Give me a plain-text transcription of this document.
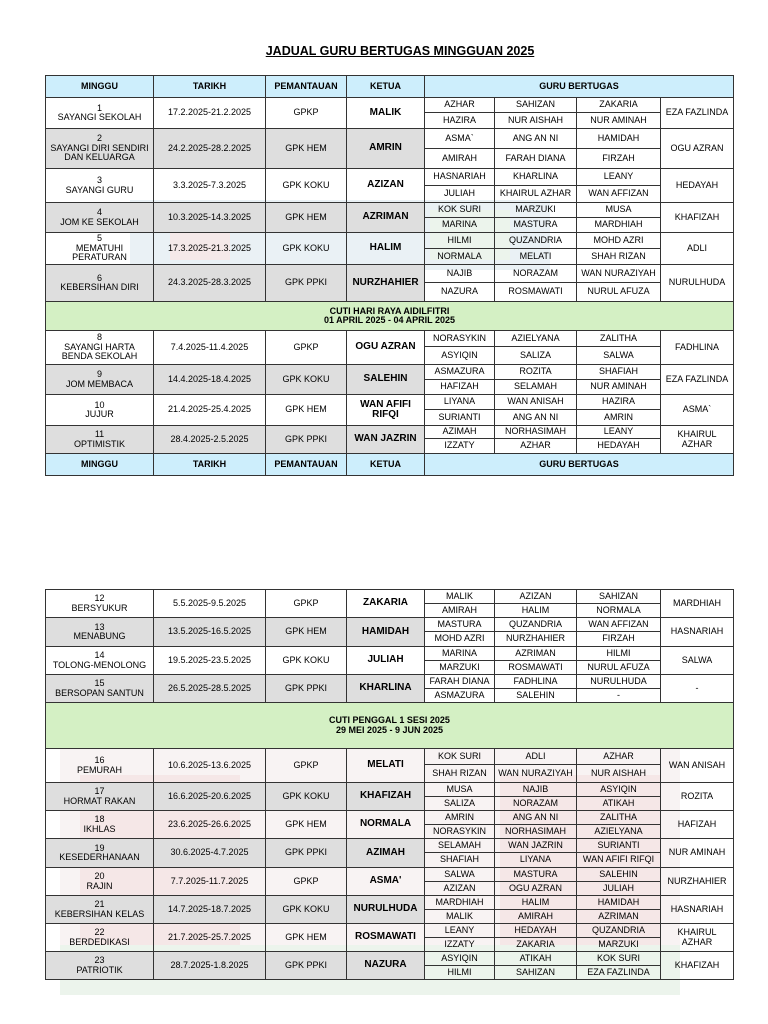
JADUAL GURU BERTUGAS MINGGUAN 2025
MINGGU	TARIKH	PEMANTAUAN	KETUA	GURU BERTUGAS			

1
SAYANGI SEKOLAH	17.2.2025-21.2.2025	GPKP	MALIK	AZHAR	SAHIZAN	ZAKARIA	EZA FAZLINDA
				HAZIRA	NUR AISHAH	NUR AMINAH	

2
SAYANGI DIRI SENDIRI DAN KELUARGA	24.2.2025-28.2.2025	GPK HEM	AMRIN	ASMA`	ANG AN NI	HAMIDAH	OGU AZRAN
				AMIRAH	FARAH DIANA	FIRZAH	

3
SAYANGI GURU	3.3.2025-7.3.2025	GPK KOKU	AZIZAN	HASNARIAH	KHARLINA	LEANY	HEDAYAH
				JULIAH	KHAIRUL AZHAR	WAN AFFIZAN	

4
JOM KE SEKOLAH	10.3.2025-14.3.2025	GPK HEM	AZRIMAN	KOK SURI	MARZUKI	MUSA	KHAFIZAH
				MARINA	MASTURA	MARDHIAH	

5
MEMATUHI PERATURAN	17.3.2025-21.3.2025	GPK KOKU	HALIM	HILMI	QUZANDRIA	MOHD AZRI	ADLI
				NORMALA	MELATI	SHAH RIZAN	

6
KEBERSIHAN DIRI	24.3.2025-28.3.2025	GPK PPKI	NURZHAHIER	NAJIB	NORAZAM	WAN NURAZIYAH	NURULHUDA
				NAZURA	ROSMAWATI	NURUL AFUZA	

CUTI HARI RAYA AIDILFITRI
01 APRIL 2025 - 04 APRIL 2025							

8
SAYANGI HARTA BENDA SEKOLAH	7.4.2025-11.4.2025	GPKP	OGU AZRAN	NORASYKIN	AZIELYANA	ZALITHA	FADHLINA
				ASYIQIN	SALIZA	SALWA	

9
JOM MEMBACA	14.4.2025-18.4.2025	GPK KOKU	SALEHIN	ASMAZURA	ROZITA	SHAFIAH	EZA FAZLINDA
				HAFIZAH	SELAMAH	NUR AMINAH	

10
JUJUR	21.4.2025-25.4.2025	GPK HEM	WAN AFIFI RIFQI	LIYANA	WAN ANISAH	HAZIRA	ASMA`
				SURIANTI	ANG AN NI	AMRIN	

11
OPTIMISTIK	28.4.2025-2.5.2025	GPK PPKI	WAN JAZRIN	AZIMAH	NORHASIMAH	LEANY	KHAIRUL AZHAR
				IZZATY	AZHAR	HEDAYAH	
MINGGU	TARIKH	PEMANTAUAN	KETUA	GURU BERTUGAS			
12
BERSYUKUR	5.5.2025-9.5.2025	GPKP	ZAKARIA	MALIK	AZIZAN	SAHIZAN	MARDHIAH
				AMIRAH	HALIM	NORMALA	

13
MENABUNG	13.5.2025-16.5.2025	GPK HEM	HAMIDAH	MASTURA	QUZANDRIA	WAN AFFIZAN	HASNARIAH
				MOHD AZRI	NURZHAHIER	FIRZAH	

14
TOLONG-MENOLONG	19.5.2025-23.5.2025	GPK KOKU	JULIAH	MARINA	AZRIMAN	HILMI	SALWA
				MARZUKI	ROSMAWATI	NURUL AFUZA	

15
BERSOPAN SANTUN	26.5.2025-28.5.2025	GPK PPKI	KHARLINA	FARAH DIANA	FADHLINA	NURULHUDA	-
				ASMAZURA	SALEHIN	-	

CUTI PENGGAL 1 SESI 2025
29 MEI 2025 - 9 JUN 2025							

16
PEMURAH	10.6.2025-13.6.2025	GPKP	MELATI	KOK SURI	ADLI	AZHAR	WAN ANISAH
				SHAH RIZAN	WAN NURAZIYAH	NUR AISHAH	

17
HORMAT RAKAN	16.6.2025-20.6.2025	GPK KOKU	KHAFIZAH	MUSA	NAJIB	ASYIQIN	ROZITA
				SALIZA	NORAZAM	ATIKAH	

18
IKHLAS	23.6.2025-26.6.2025	GPK HEM	NORMALA	AMRIN	ANG AN NI	ZALITHA	HAFIZAH
				NORASYKIN	NORHASIMAH	AZIELYANA	

19
KESEDERHANAAN	30.6.2025-4.7.2025	GPK PPKI	AZIMAH	SELAMAH	WAN JAZRIN	SURIANTI	NUR AMINAH
				SHAFIAH	LIYANA	WAN AFIFI RIFQI	

20
RAJIN	7.7.2025-11.7.2025	GPKP	ASMA'	SALWA	MASTURA	SALEHIN	NURZHAHIER
				AZIZAN	OGU AZRAN	JULIAH	

21
KEBERSIHAN KELAS	14.7.2025-18.7.2025	GPK KOKU	NURULHUDA	MARDHIAH	HALIM	HAMIDAH	HASNARIAH
				MALIK	AMIRAH	AZRIMAN	

22
BERDEDIKASI	21.7.2025-25.7.2025	GPK HEM	ROSMAWATI	LEANY	HEDAYAH	QUZANDRIA	KHAIRUL AZHAR
				IZZATY	ZAKARIA	MARZUKI	

23
PATRIOTIK	28.7.2025-1.8.2025	GPK PPKI	NAZURA	ASYIQIN	ATIKAH	KOK SURI	KHAFIZAH
				HILMI	SAHIZAN	EZA FAZLINDA	
